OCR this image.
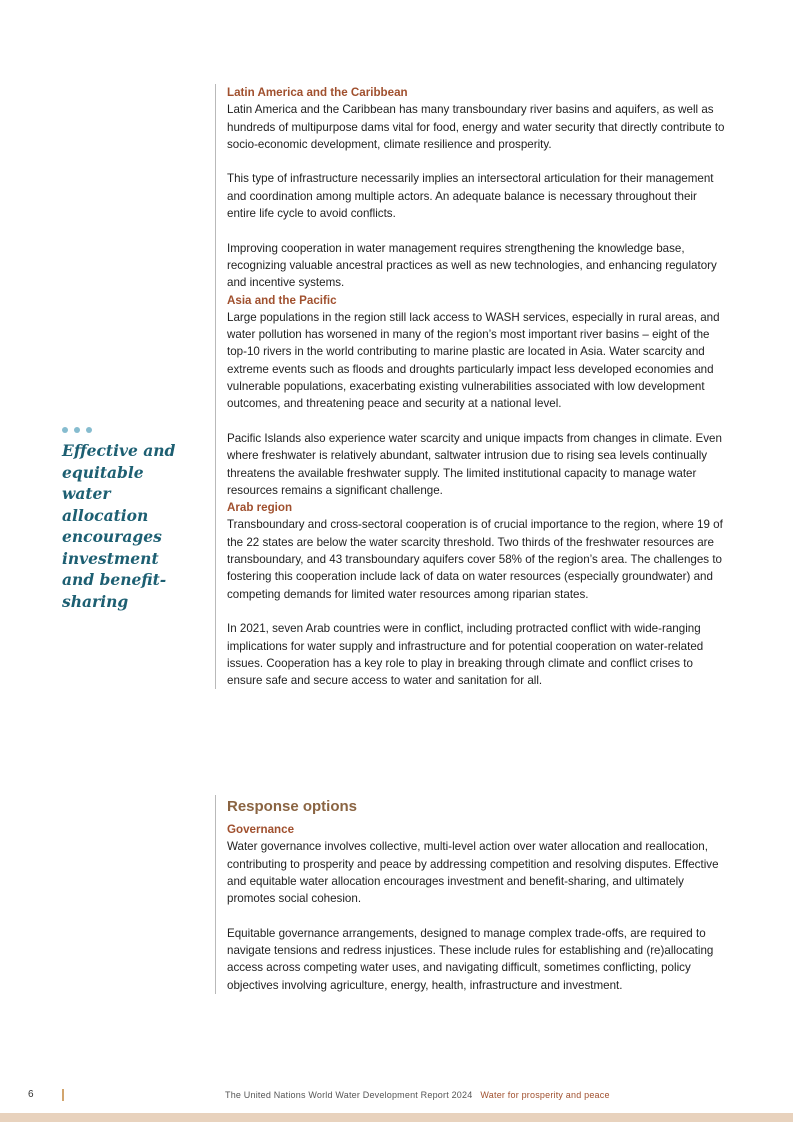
Latin America and the Caribbean

Latin America and the Caribbean has many transboundary river basins and aquifers, as well as hundreds of multipurpose dams vital for food, energy and water security that directly contribute to socio-economic development, climate resilience and prosperity.

This type of infrastructure necessarily implies an intersectoral articulation for their management and coordination among multiple actors. An adequate balance is necessary throughout their entire life cycle to avoid conflicts.

Improving cooperation in water management requires strengthening the knowledge base, recognizing valuable ancestral practices as well as new technologies, and enhancing regulatory and incentive systems.

Asia and the Pacific

Large populations in the region still lack access to WASH services, especially in rural areas, and water pollution has worsened in many of the region’s most important river basins – eight of the top-10 rivers in the world contributing to marine plastic are located in Asia. Water scarcity and extreme events such as floods and droughts particularly impact less developed economies and vulnerable populations, exacerbating existing vulnerabilities associated with low development outcomes, and threatening peace and security at a national level.

Pacific Islands also experience water scarcity and unique impacts from changes in climate. Even where freshwater is relatively abundant, saltwater intrusion due to rising sea levels continually threatens the available freshwater supply. The limited institutional capacity to manage water resources remains a significant challenge.

Arab region

Transboundary and cross-sectoral cooperation is of crucial importance to the region, where 19 of the 22 states are below the water scarcity threshold. Two thirds of the freshwater resources are transboundary, and 43 transboundary aquifers cover 58% of the region’s area. The challenges to fostering this cooperation include lack of data on water resources (especially groundwater) and competing demands for limited water resources among riparian states.

In 2021, seven Arab countries were in conflict, including protracted conflict with wide-ranging implications for water supply and infrastructure and for potential cooperation on water-related issues. Cooperation has a key role to play in breaking through climate and conflict crises to ensure safe and secure access to water and sanitation for all.

Effective and equitable water allocation encourages investment and benefit-sharing
Response options
Governance

Water governance involves collective, multi-level action over water allocation and reallocation, contributing to prosperity and peace by addressing competition and resolving disputes. Effective and equitable water allocation encourages investment and benefit-sharing, and ultimately promotes social cohesion.

Equitable governance arrangements, designed to manage complex trade-offs, are required to navigate tensions and redress injustices. These include rules for establishing and (re)allocating access across competing water uses, and navigating difficult, sometimes conflicting, policy objectives involving agriculture, energy, health, infrastructure and investment.

6	The United Nations World Water Development Report 2024 Water for prosperity and peace
